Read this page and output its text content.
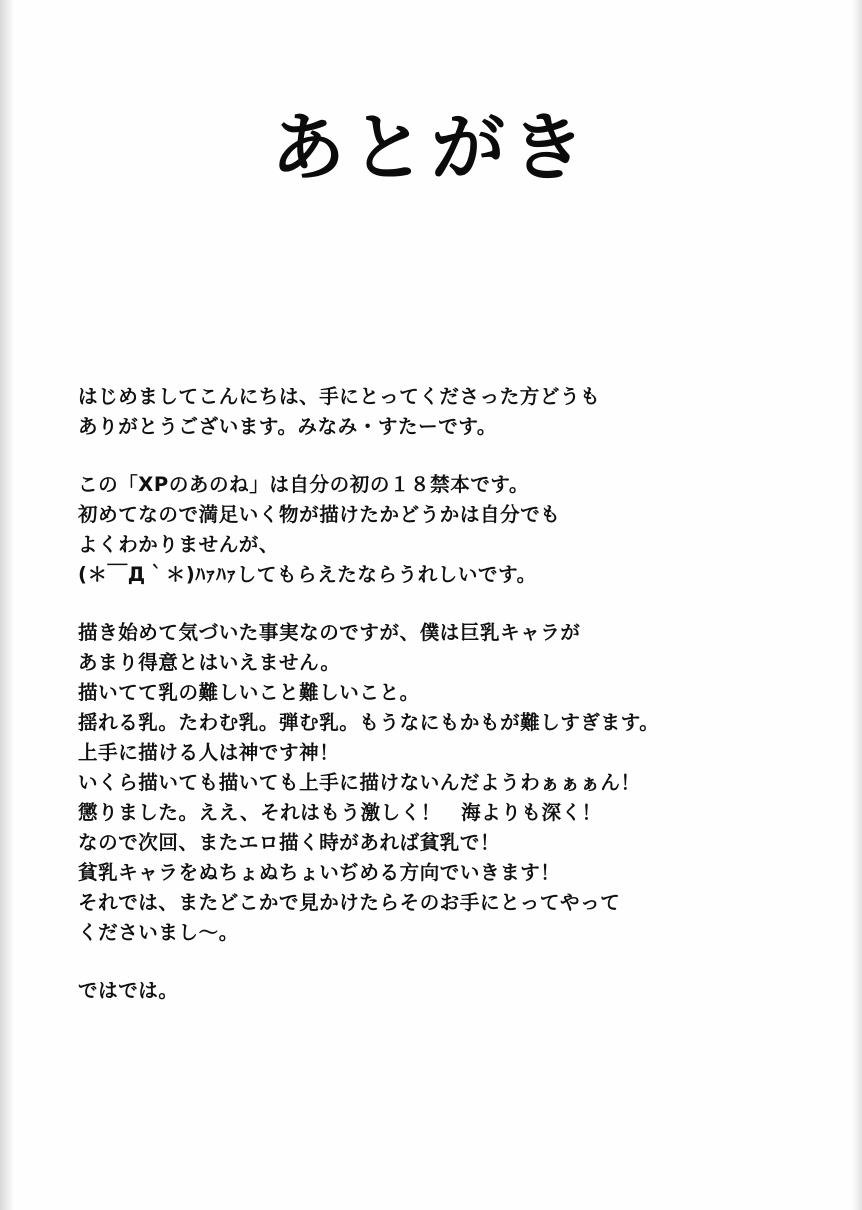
あとがき
はじめましてこんにちは、手にとってくださった方どうも
ありがとうございます。みなみ・すたーです。
この「XPのあのね」は自分の初の１８禁本です。
初めてなので満足いく物が描けたかどうかは自分でも
よくわかりませんが、
(＊￣Д｀＊)ﾊｧﾊｧしてもらえたならうれしいです。
描き始めて気づいた事実なのですが、僕は巨乳キャラが
あまり得意とはいえません。
描いてて乳の難しいこと難しいこと。
揺れる乳。たわむ乳。弾む乳。もうなにもかもが難しすぎます。
上手に描ける人は神です神！
いくら描いても描いても上手に描けないんだようわぁぁぁん！
懲りました。ええ、それはもう激しく！　海よりも深く！
なので次回、またエロ描く時があれば貧乳で！
貧乳キャラをぬちょぬちょいぢめる方向でいきます！
それでは、またどこかで見かけたらそのお手にとってやって
くださいまし～。
ではでは。
